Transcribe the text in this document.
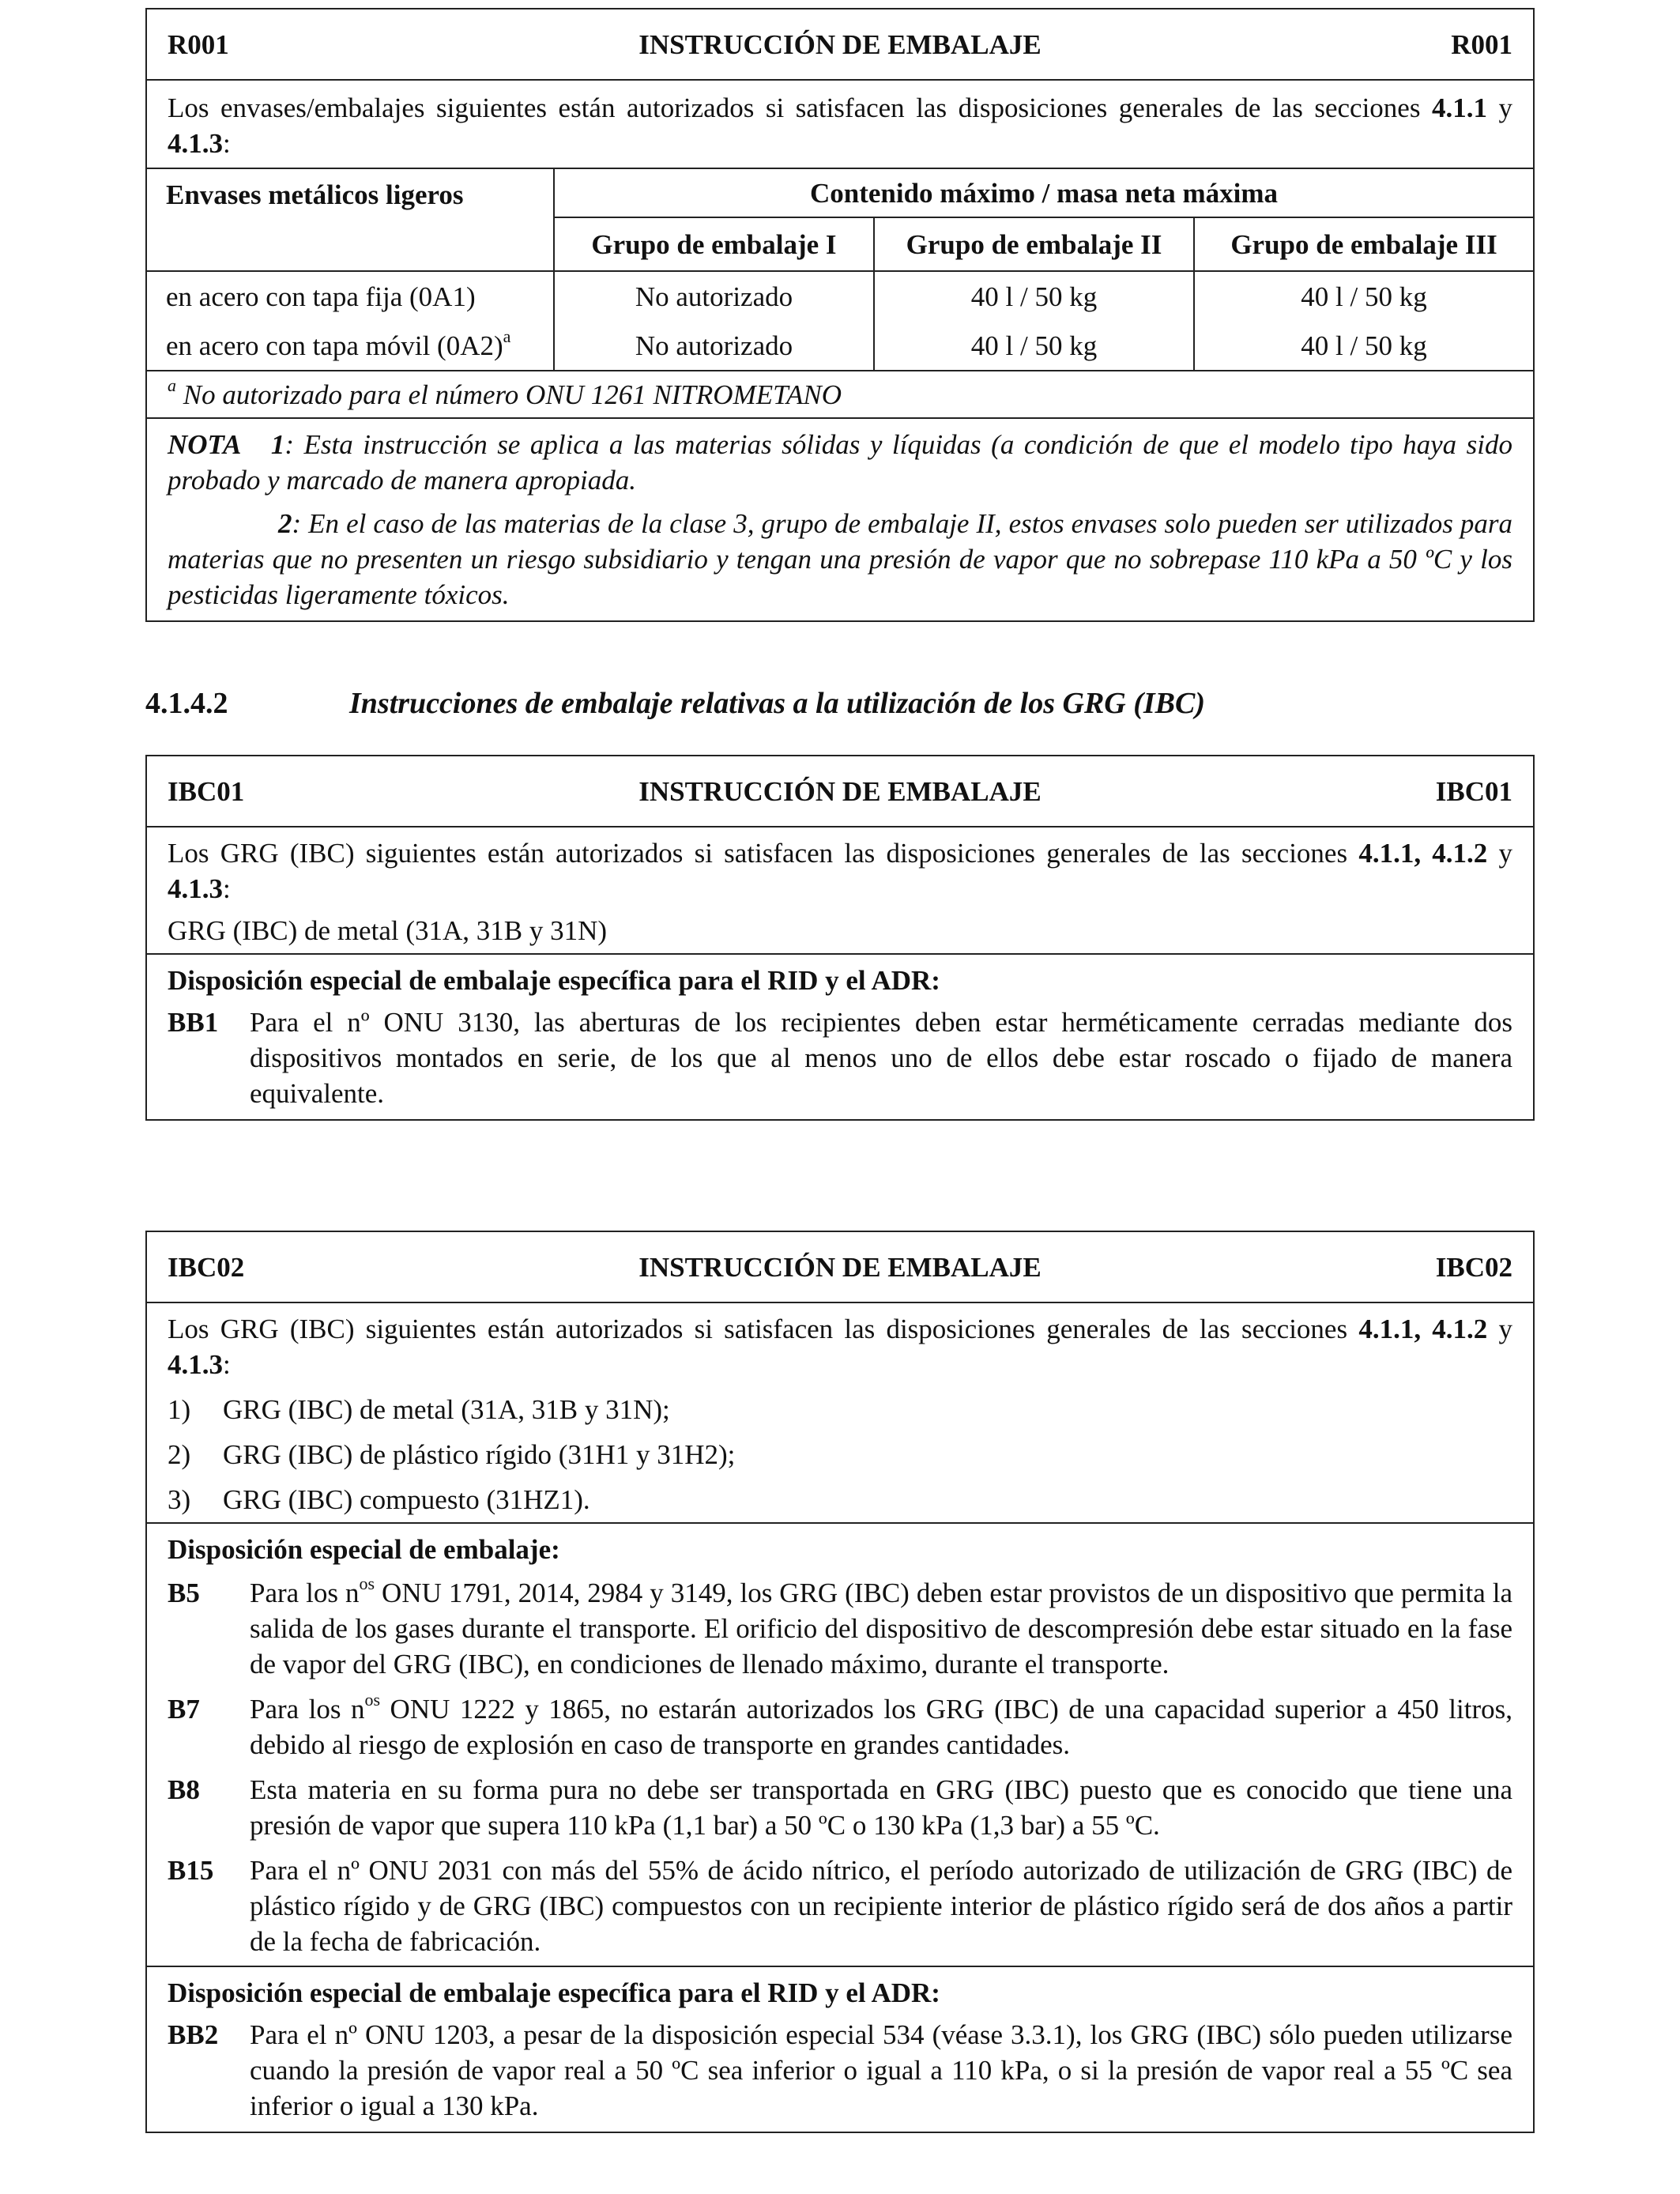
R001	INSTRUCCIÓN DE EMBALAJE	R001
Los envases/embalajes siguientes están autorizados si satisfacen las disposiciones generales de las secciones 4.1.1 y 4.1.3:
Envases metálicos ligeros	Contenido máximo / masa neta máxima		
	Grupo de embalaje I	Grupo de embalaje II	Grupo de embalaje III
en acero con tapa fija (0A1)	No autorizado	40 l / 50 kg	40 l / 50 kg
en acero con tapa móvil $(0A2)^a$	No autorizado	40 l / 50 kg	40 l / 50 kg
$^a$ No autorizado para el número ONU 1261 NITROMETANO
NOTA 1: Esta instrucción se aplica a las materias sólidas y líquidas (a condición de que el modelo tipo haya sido probado y marcado de manera apropiada.
2: En el caso de las materias de la clase 3, grupo de embalaje II, estos envases solo pueden ser utilizados para materias que no presenten un riesgo subsidiario y tengan una presión de vapor que no sobrepase 110 kPa a 50 ºC y los pesticidas ligeramente tóxicos.
4.1.4.2	Instrucciones de embalaje relativas a la utilización de los GRG (IBC)
IBC01	INSTRUCCIÓN DE EMBALAJE	IBC01
Los GRG (IBC) siguientes están autorizados si satisfacen las disposiciones generales de las secciones 4.1.1, 4.1.2 y 4.1.3:
GRG (IBC) de metal (31A, 31B y 31N)
Disposición especial de embalaje específica para el RID y el ADR:
BB1	Para el nº ONU 3130, las aberturas de los recipientes deben estar herméticamente cerradas mediante dos dispositivos montados en serie, de los que al menos uno de ellos debe estar roscado o fijado de manera equivalente.
IBC02	INSTRUCCIÓN DE EMBALAJE	IBC02
Los GRG (IBC) siguientes están autorizados si satisfacen las disposiciones generales de las secciones 4.1.1, 4.1.2 y 4.1.3:
1)	GRG (IBC) de metal (31A, 31B y 31N);
2)	GRG (IBC) de plástico rígido (31H1 y 31H2);
3)	GRG (IBC) compuesto (31HZ1).
Disposición especial de embalaje:
B5	Para los $n^{os}$ ONU 1791, 2014, 2984 y 3149, los GRG (IBC) deben estar provistos de un dispositivo que permita la salida de los gases durante el transporte. El orificio del dispositivo de descompresión debe estar situado en la fase de vapor del GRG (IBC), en condiciones de llenado máximo, durante el transporte.
B7	Para los $n^{os}$ ONU 1222 y 1865, no estarán autorizados los GRG (IBC) de una capacidad superior a 450 litros, debido al riesgo de explosión en caso de transporte en grandes cantidades.
B8	Esta materia en su forma pura no debe ser transportada en GRG (IBC) puesto que es conocido que tiene una presión de vapor que supera 110 kPa (1,1 bar) a 50 ºC o 130 kPa (1,3 bar) a 55 ºC.
B15	Para el nº ONU 2031 con más del 55% de ácido nítrico, el período autorizado de utilización de GRG (IBC) de plástico rígido y de GRG (IBC) compuestos con un recipiente interior de plástico rígido será de dos años a partir de la fecha de fabricación.
Disposición especial de embalaje específica para el RID y el ADR:
BB2	Para el nº ONU 1203, a pesar de la disposición especial 534 (véase 3.3.1), los GRG (IBC) sólo pueden utilizarse cuando la presión de vapor real a 50 ºC sea inferior o igual a 110 kPa, o si la presión de vapor real a 55 ºC sea inferior o igual a 130 kPa.
